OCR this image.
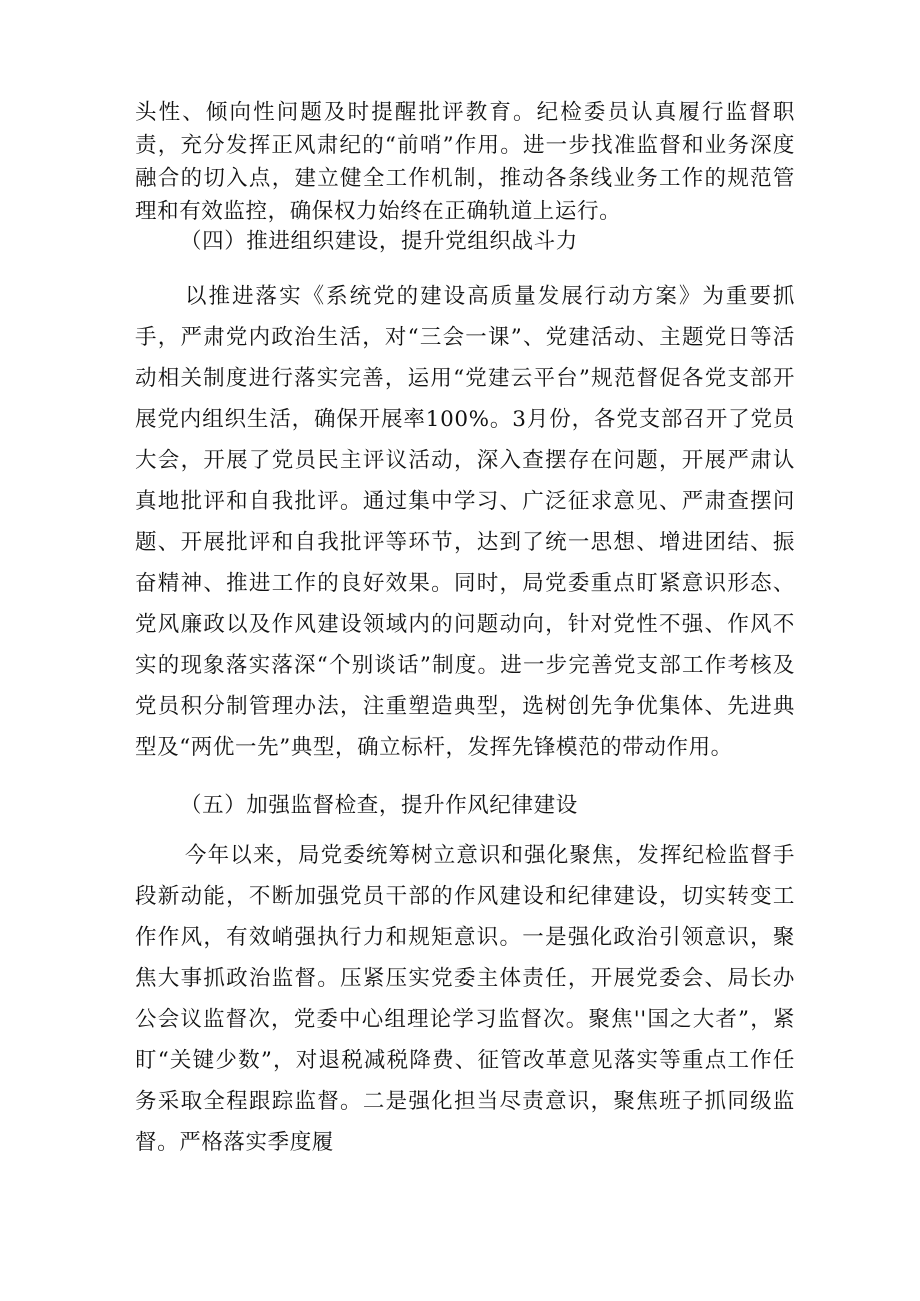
头性、倾向性问题及时提醒批评教育。纪检委员认真履行监督职责，充分发挥正风肃纪的“前哨”作用。进一步找准监督和业务深度融合的切入点，建立健全工作机制，推动各条线业务工作的规范管理和有效监控，确保权力始终在正确轨道上运行。

（四）推进组织建设，提升党组织战斗力

以推进落实《系统党的建设高质量发展行动方案》为重要抓手，严肃党内政治生活，对“三会一课”、党建活动、主题党日等活动相关制度进行落实完善，运用“党建云平台”规范督促各党支部开展党内组织生活，确保开展率100%。3月份，各党支部召开了党员大会，开展了党员民主评议活动，深入查摆存在问题，开展严肃认真地批评和自我批评。通过集中学习、广泛征求意见、严肃查摆问题、开展批评和自我批评等环节，达到了统一思想、增进团结、振奋精神、推进工作的良好效果。同时，局党委重点盯紧意识形态、党风廉政以及作风建设领域内的问题动向，针对党性不强、作风不实的现象落实落深“个别谈话”制度。进一步完善党支部工作考核及党员积分制管理办法，注重塑造典型，选树创先争优集体、先进典型及“两优一先”典型，确立标杆，发挥先锋模范的带动作用。

（五）加强监督检查，提升作风纪律建设

今年以来，局党委统筹树立意识和强化聚焦，发挥纪检监督手段新动能，不断加强党员干部的作风建设和纪律建设，切实转变工作作风，有效峭强执行力和规矩意识。一是强化政治引领意识，聚焦大事抓政治监督。压紧压实党委主体责任，开展党委会、局长办公会议监督次，党委中心组理论学习监督次。聚焦''国之大者”，紧盯“关键少数”，对退税减税降费、征管改革意见落实等重点工作任务采取全程跟踪监督。二是强化担当尽责意识，聚焦班子抓同级监督。严格落实季度履
